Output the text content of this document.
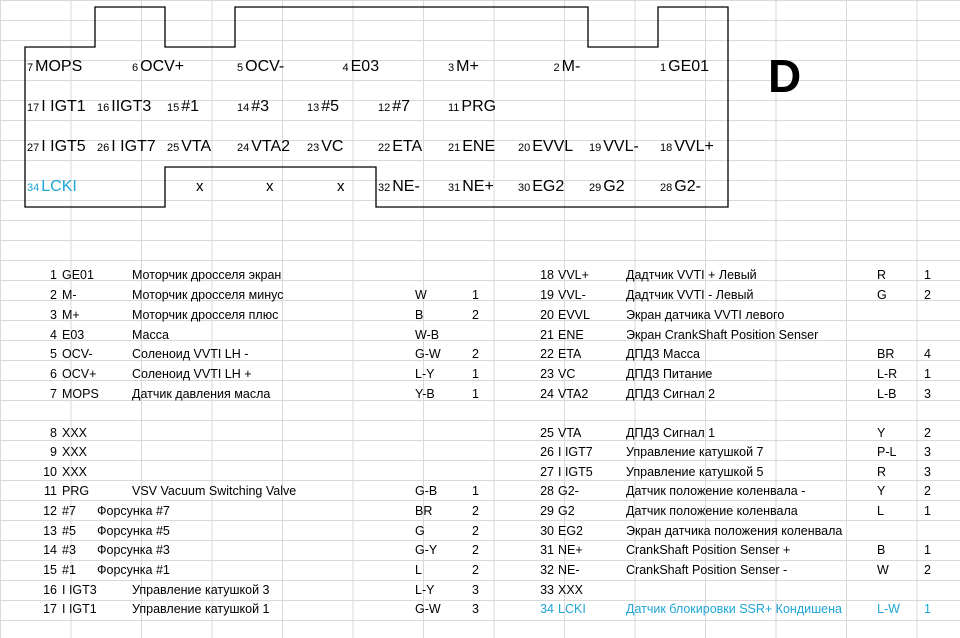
7 MOPS	6 OCV+	5 OCV-	4 E03	3 M+	2 M-	1 GE01
17 I IGT1 16 IIGT3 15 #1	14 #3	13 #5	12 #7	11 PRG
27 I IGT5 26 I IGT7 25 VTA 24 VTA2 23 VC	22 ETA 21 ENE 20 EVVL 19 VVL- 18 VVL+
34 LCKI	32 NE-	31 NE+ 30 EG2 29 G2	28 G2-
x	x	x
D
1 GE01	Моторчик дросселя экран
2 M-	Моторчик дросселя минус	W	1
3 M+	Моторчик дросселя плюс	B	2
4 E03	Масса	W-B
5 OCV-	Соленоид VVTI LH -	G-W	2
6 OCV+	Соленоид VVTI LH +	L-Y	1
7 MOPS	Датчик давления масла	Y-B	1
8 XXX
9 XXX
10 XXX
11 PRG	VSV Vacuum Switching Valve	G-B	1
12 #7 Форсунка #7	BR	2
13 #5 Форсунка #5	G	2
14 #3 Форсунка #3	G-Y	2
15 #1 Форсунка #1	L	2
16 I IGT3	Управление катушкой 3	L-Y	3
17 I IGT1	Управление катушкой 1	G-W	3
18 VVL+	Дадтчик VVTI + Левый	R	1
19 VVL-	Дадтчик VVTI - Левый	G	2
20 EVVL	Экран датчика VVTI левого
21 ENE	Экран CrankShaft Position Senser
22 ETA	ДПДЗ Масса	BR 4
23 VC	ДПДЗ Питание	L-R 1
24 VTA2	ДПДЗ Сигнал 2	L-B 3
25 VTA	ДПДЗ Сигнал 1	Y	2
26 I IGT7	Управление катушкой 7	P-L 3
27 I IGT5	Управление катушкой 5	R	3
28 G2-	Датчик положение коленвала -	Y	2
29 G2	Датчик положение коленвала	L	1
30 EG2	Экран датчика положения коленвала
31 NE+	CrankShaft Position Senser +	B	1
32 NE-	CrankShaft Position Senser -	W	2
33 XXX
34 LCKI	Датчик блокировки SSR+ Кондишена	L-W 1
